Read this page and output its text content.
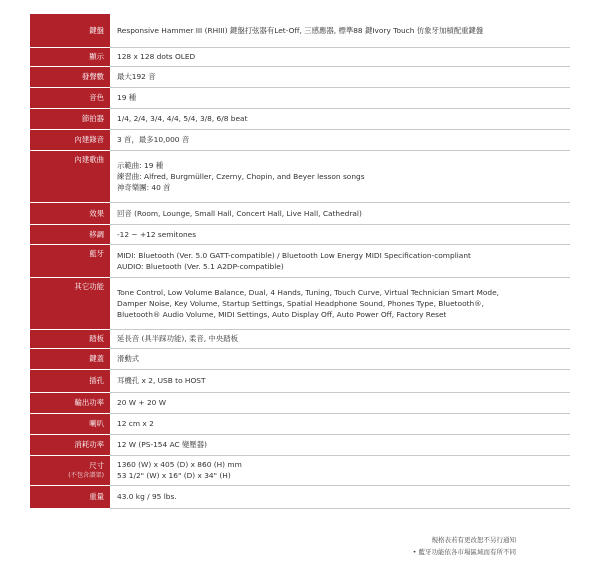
鍵盤	Responsive Hammer III (RHIII) 鍵盤打弦器有Let-Off, 三感應器, 標準88 鍵Ivory Touch 仿象牙加槓配重鍵盤

顯示	128 x 128 dots OLED

發聲數	最大192 音

音色	19 種

節拍器	1/4, 2/4, 3/4, 4/4, 5/4, 3/8, 6/8 beat

內建錄音	3 首，最多10,000 音

內建歌曲	示範曲: 19 種
練習曲: Alfred, Burgmüller, Czerny, Chopin, and Beyer lesson songs
神奇樂團: 40 首

效果	回音 (Room, Lounge, Small Hall, Concert Hall, Live Hall, Cathedral)

移調	-12 ~ +12 semitones

藍牙	MIDI: Bluetooth (Ver. 5.0 GATT-compatible) / Bluetooth Low Energy MIDI Specification-compliant
AUDIO: Bluetooth (Ver. 5.1 A2DP-compatible)

其它功能	Tone Control, Low Volume Balance, Dual, 4 Hands, Tuning, Touch Curve, Virtual Technician Smart Mode,
Damper Noise, Key Volume, Startup Settings, Spatial Headphone Sound, Phones Type, Bluetooth®,
Bluetooth® Audio Volume, MIDI Settings, Auto Display Off, Auto Power Off, Factory Reset

踏板	延長音 (具半踩功能), 柔音, 中央踏板

鍵蓋	滑動式

插孔	耳機孔 x 2, USB to HOST

輸出功率	20 W + 20 W

喇叭	12 cm x 2

消耗功率	12 W (PS-154 AC 變壓器)

尺寸
(不包含譜架)	1360 (W) x 405 (D) x 860 (H) mm
53 1/2" (W) x 16" (D) x 34" (H)

重量	43.0 kg / 95 lbs.
規格表若有更改恕不另行通知
• 藍牙功能依各市場區域而有所不同
